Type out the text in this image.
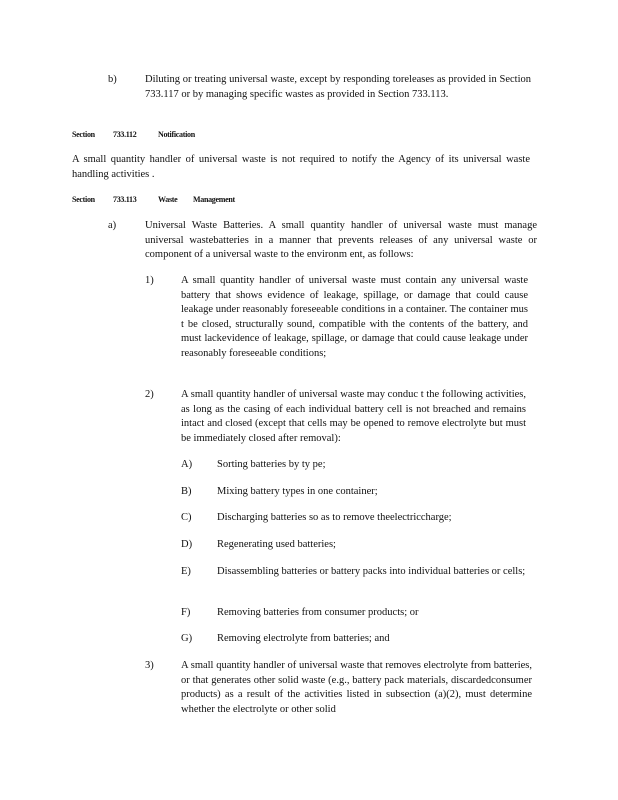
b)	Diluting or treating universal waste, except by responding toreleases as provided in Section 733.117 or by managing specific wastes as provided in Section 733.113.
Section 733.112	Notification
A small quantity handler of universal waste is not required to notify the Agency of its universal waste handling activities .
Section 733.113	Waste Management
a)	Universal Waste Batteries. A small quantity handler of universal waste must manage universal wastebatteries in a manner that prevents releases of any universal waste or component of a universal waste to the environm ent, as follows:
1)	A small quantity handler of universal waste must contain any universal waste battery that shows evidence of leakage, spillage, or damage that could cause leakage under reasonably foreseeable conditions in a container. The container mus t be closed, structurally sound, compatible with the contents of the battery, and must lackevidence of leakage, spillage, or damage that could cause leakage under reasonably foreseeable conditions;
2)	A small quantity handler of universal waste may conduc t the following activities, as long as the casing of each individual battery cell is not breached and remains intact and closed (except that cells may be opened to remove electrolyte but must be immediately closed after removal):
A) Sorting batteries by ty pe;
B) Mixing battery types in one container;
C) Discharging batteries so as to remove theelectriccharge;
D) Regenerating used batteries;
E) Disassembling batteries or battery packs into individual batteries or cells;
F)	Removing batteries from consumer products; or
G) Removing electrolyte from batteries; and
3)	A small quantity handler of universal waste that removes electrolyte from batteries, or that generates other solid waste (e.g., battery pack materials, discardedconsumer products) as a result of the activities listed in subsection (a)(2), must determine whether the electrolyte or other solid
